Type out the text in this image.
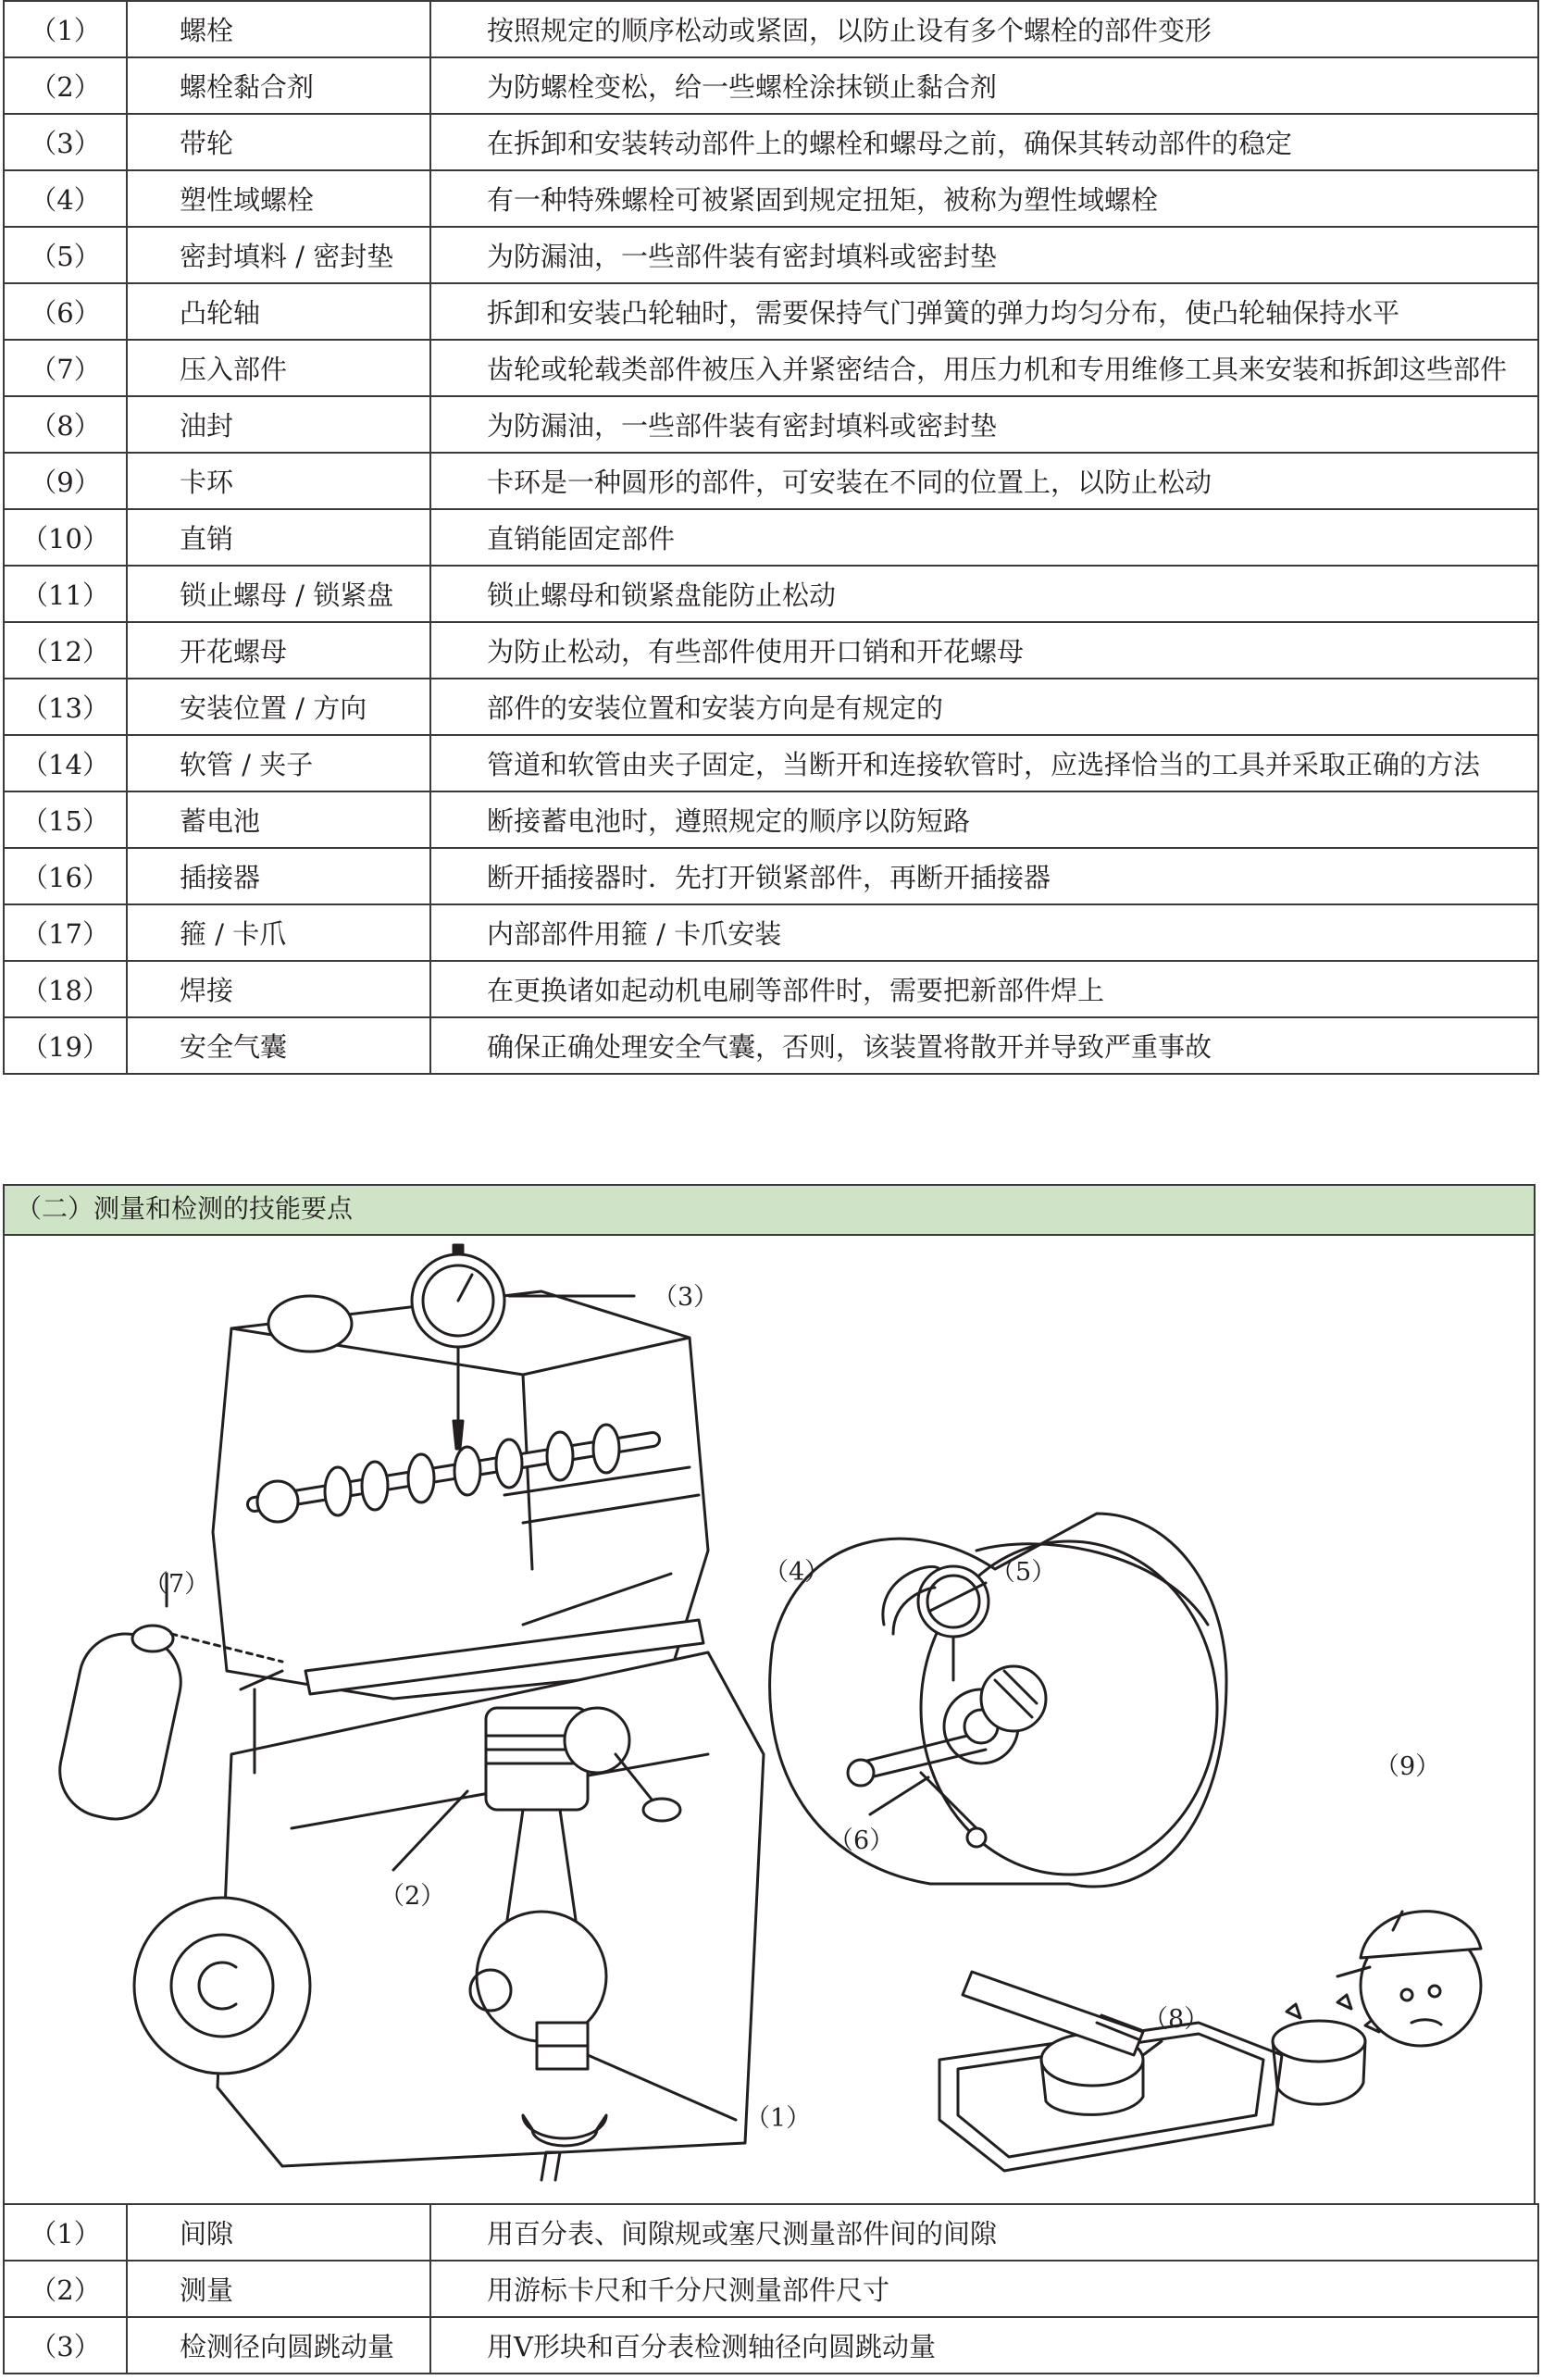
（1）	螺栓	按照规定的顺序松动或紧固，以防止设有多个螺栓的部件变形
（2）	螺栓黏合剂	为防螺栓变松，给一些螺栓涂抹锁止黏合剂
（3）	带轮	在拆卸和安装转动部件上的螺栓和螺母之前，确保其转动部件的稳定
（4）	塑性域螺栓	有一种特殊螺栓可被紧固到规定扭矩，被称为塑性域螺栓
（5）	密封填料 / 密封垫	为防漏油，一些部件装有密封填料或密封垫
（6）	凸轮轴	拆卸和安装凸轮轴时，需要保持气门弹簧的弹力均匀分布，使凸轮轴保持水平
（7）	压入部件	齿轮或轮载类部件被压入并紧密结合，用压力机和专用维修工具来安装和拆卸这些部件
（8）	油封	为防漏油，一些部件装有密封填料或密封垫
（9）	卡环	卡环是一种圆形的部件，可安装在不同的位置上，以防止松动
（10）	直销	直销能固定部件
（11）	锁止螺母 / 锁紧盘	锁止螺母和锁紧盘能防止松动
（12）	开花螺母	为防止松动，有些部件使用开口销和开花螺母
（13）	安装位置 / 方向	部件的安装位置和安装方向是有规定的
（14）	软管 / 夹子	管道和软管由夹子固定，当断开和连接软管时，应选择恰当的工具并采取正确的方法
（15）	蓄电池	断接蓄电池时，遵照规定的顺序以防短路
（16）	插接器	断开插接器时．先打开锁紧部件，再断开插接器
（17）	箍 / 卡爪	内部部件用箍 / 卡爪安装
（18）	焊接	在更换诸如起动机电刷等部件时，需要把新部件焊上
（19）	安全气囊	确保正确处理安全气囊，否则，该装置将散开并导致严重事故
（二）测量和检测的技能要点
（3）
（4）	（5）
（7）
（2）
（6）
（8）
（9）
（1）
（1）	间隙	用百分表、间隙规或塞尺测量部件间的间隙
（2）	测量	用游标卡尺和千分尺测量部件尺寸
（3）	检测径向圆跳动量	用V形块和百分表检测轴径向圆跳动量
